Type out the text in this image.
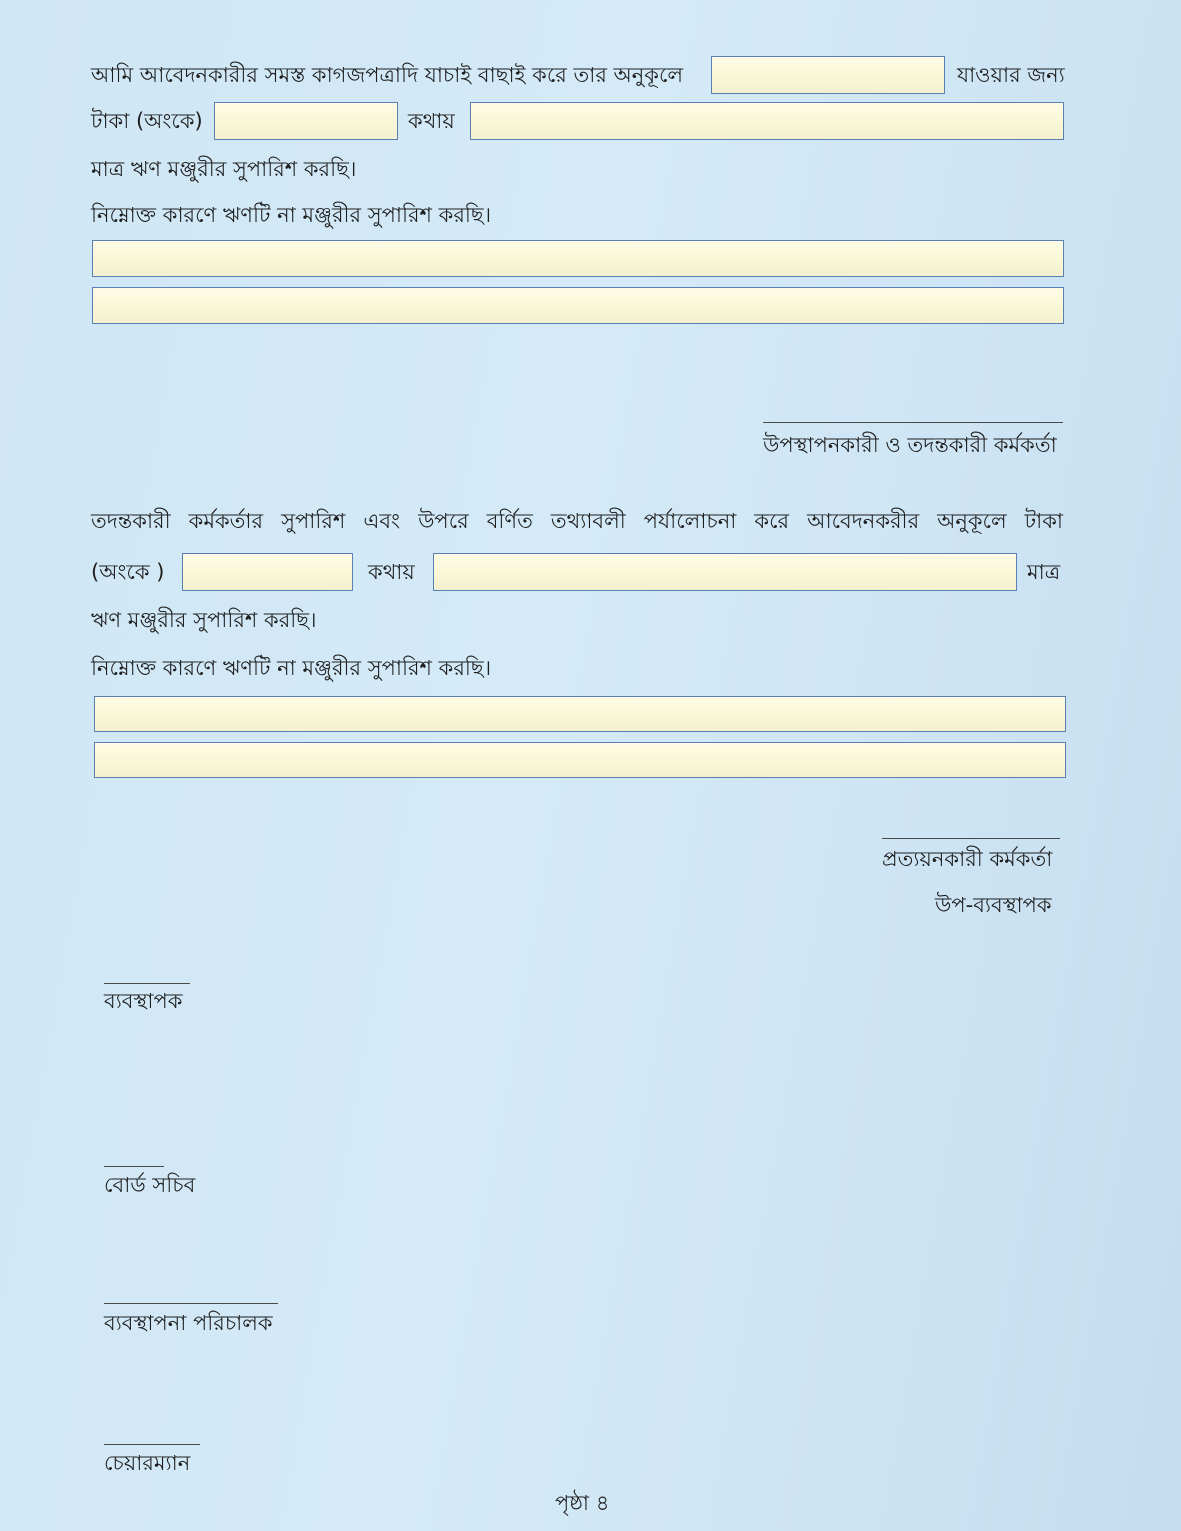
আমি আবেদনকারীর সমস্ত কাগজপত্রাদি যাচাই বাছাই করে তার অনুকূলে	যাওয়ার জন্য
টাকা (অংকে)	কথায়
মাত্র ঋণ মঞ্জুরীর সুপারিশ করছি।
নিম্নোক্ত কারণে ঋণটি না মঞ্জুরীর সুপারিশ করছি।
উপস্থাপনকারী ও তদন্তকারী কর্মকর্তা
তদন্তকারী কর্মকর্তার সুপারিশ এবং উপরে বর্ণিত তথ্যাবলী পর্যালোচনা করে আবেদনকরীর অনুকূলে টাকা
(অংকে )	কথায়	মাত্র
ঋণ মঞ্জুরীর সুপারিশ করছি।
নিম্নোক্ত কারণে ঋণটি না মঞ্জুরীর সুপারিশ করছি।
প্রত্যয়নকারী কর্মকর্তা
উপ-ব্যবস্থাপক
ব্যবস্থাপক
বোর্ড সচিব
ব্যবস্থাপনা পরিচালক
চেয়ারম্যান
পৃষ্ঠা ৪
